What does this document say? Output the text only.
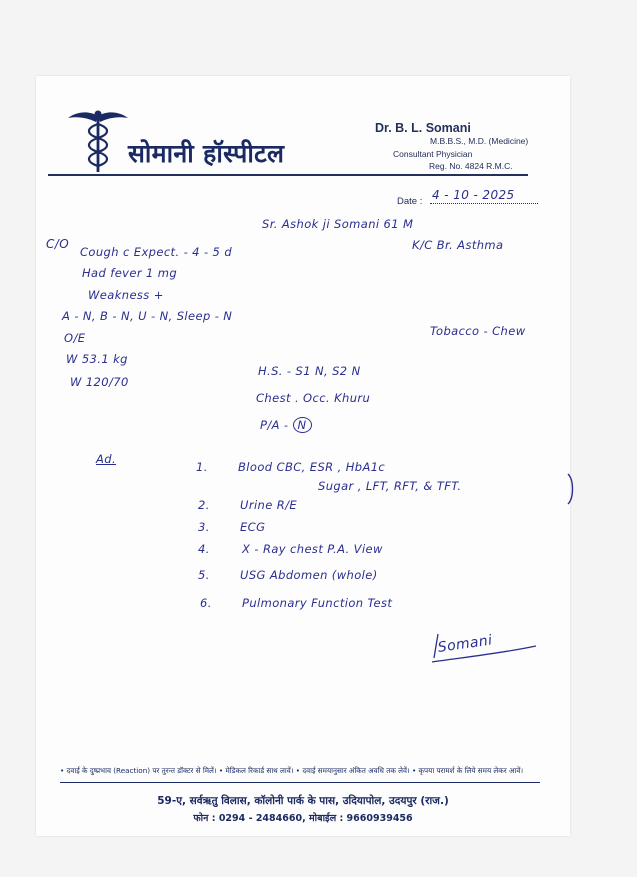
सोमानी हॉस्पीटल
Dr. B. L. Somani
M.B.B.S., M.D. (Medicine)
Consultant Physician
Reg. No. 4824 R.M.C.
Date : 4 - 10 - 2025
Sr. Ashok ji Somani 61 M
C/O
Cough c Expect. - 4 - 5 d	K/C Br. Asthma
Had fever 1 mg
Weakness +
A - N, B - N, U - N, Sleep - N
Tobacco - Chew
O/E
W 53.1 kg
W 120/70
H.S. - S1 N, S2 N
Chest . Occ. Khuru
P/A - N
Ad.
1.	Blood CBC, ESR , HbA1c
Sugar , LFT, RFT, & TFT.
2.	Urine R/E
3.	ECG
4.	X - Ray chest P.A. View
5.	USG Abdomen (whole)
6.	Pulmonary Function Test
Somani
• दवाई के दुष्प्रभाव (Reaction) पर तुरन्त डॉक्टर से मिलें। • मेडिकल रिकार्ड साथ लावें। • दवाई समयानुसार अंकित अवधि तक लेवें। • कृपया परामर्श के लिये समय लेकर आवें।
59-ए, सर्वऋतु विलास, कॉलोनी पार्क के पास, उदियापोल, उदयपुर (राज.)
फोन : 0294 - 2484660, मोबाईल : 9660939456
